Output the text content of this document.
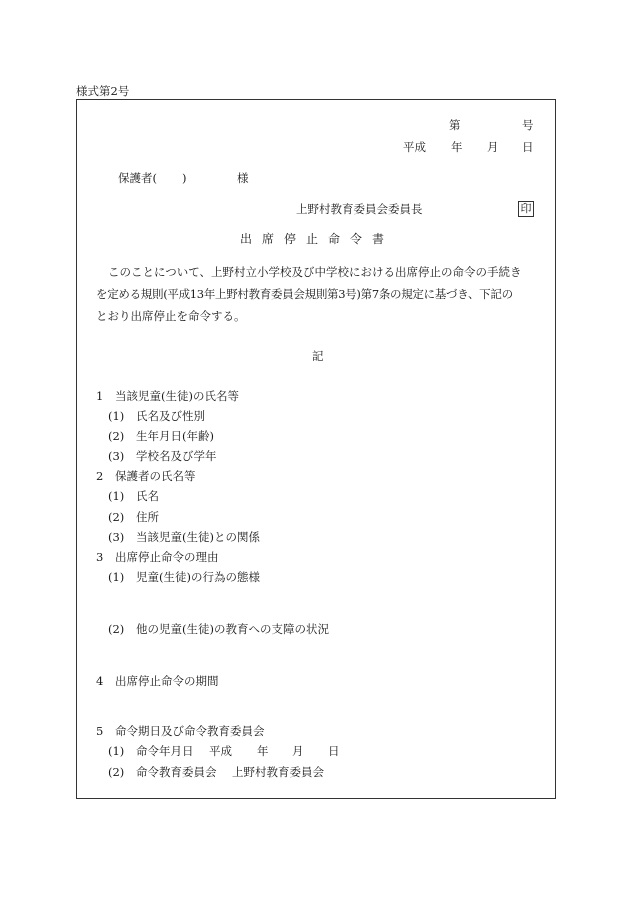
様式第2号
第	号
平成 年 月 日
保護者( )	様
上野村教育委員会委員長	印
出 席 停 止 命 令 書
このことについて、上野村立小学校及び中学校における出席停止の命令の手続き
を定める規則(平成13年上野村教育委員会規則第3号)第7条の規定に基づき、下記の
とおり出席停止を命令する。
記
1 当該児童(生徒)の氏名等
(1) 氏名及び性別
(2) 生年月日(年齢)
(3) 学校名及び学年
2 保護者の氏名等
(1) 氏名
(2) 住所
(3) 当該児童(生徒)との関係
3 出席停止命令の理由
(1) 児童(生徒)の行為の態様
(2) 他の児童(生徒)の教育への支障の状況
4 出席停止命令の期間
5 命令期日及び命令教育委員会
(1) 命令年月日 平成 年 月 日
(2) 命令教育委員会 上野村教育委員会
